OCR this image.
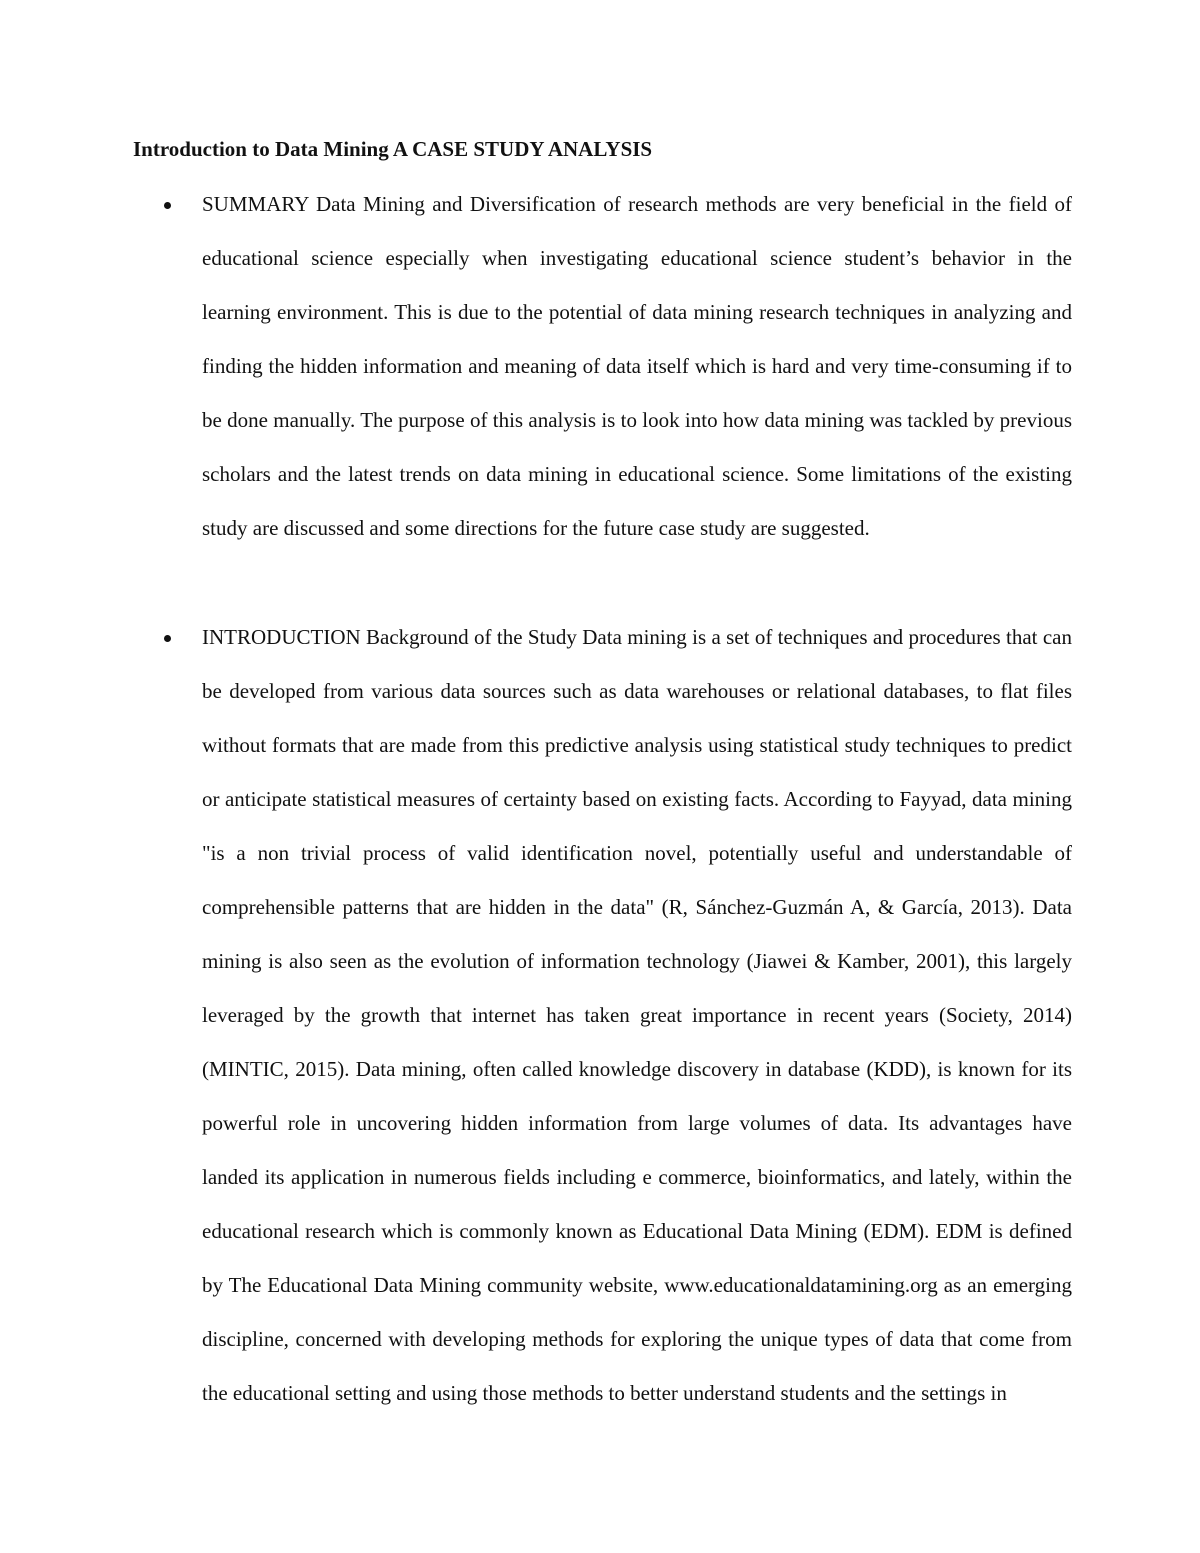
Introduction to Data Mining A CASE STUDY ANALYSIS

SUMMARY Data Mining and Diversification of research methods are very beneficial in the field of educational science especially when investigating educational science student’s behavior in the learning environment. This is due to the potential of data mining research techniques in analyzing and finding the hidden information and meaning of data itself which is hard and very time-consuming if to be done manually. The purpose of this analysis is to look into how data mining was tackled by previous scholars and the latest trends on data mining in educational science. Some limitations of the existing study are discussed and some directions for the future case study are suggested.

INTRODUCTION Background of the Study Data mining is a set of techniques and procedures that can be developed from various data sources such as data warehouses or relational databases, to flat files without formats that are made from this predictive analysis using statistical study techniques to predict or anticipate statistical measures of certainty based on existing facts. According to Fayyad, data mining "is a non trivial process of valid identification novel, potentially useful and understandable of comprehensible patterns that are hidden in the data" (R, Sánchez-Guzmán A, & García, 2013). Data mining is also seen as the evolution of information technology (Jiawei & Kamber, 2001), this largely leveraged by the growth that internet has taken great importance in recent years (Society, 2014)(MINTIC, 2015). Data mining, often called knowledge discovery in database (KDD), is known for its powerful role in uncovering hidden information from large volumes of data. Its advantages have landed its application in numerous fields including e commerce, bioinformatics, and lately, within the educational research which is commonly known as Educational Data Mining (EDM). EDM is defined by The Educational Data Mining community website, www.educationaldatamining.org as an emerging discipline, concerned with developing methods for exploring the unique types of data that come from the educational setting and using those methods to better understand students and the settings in
